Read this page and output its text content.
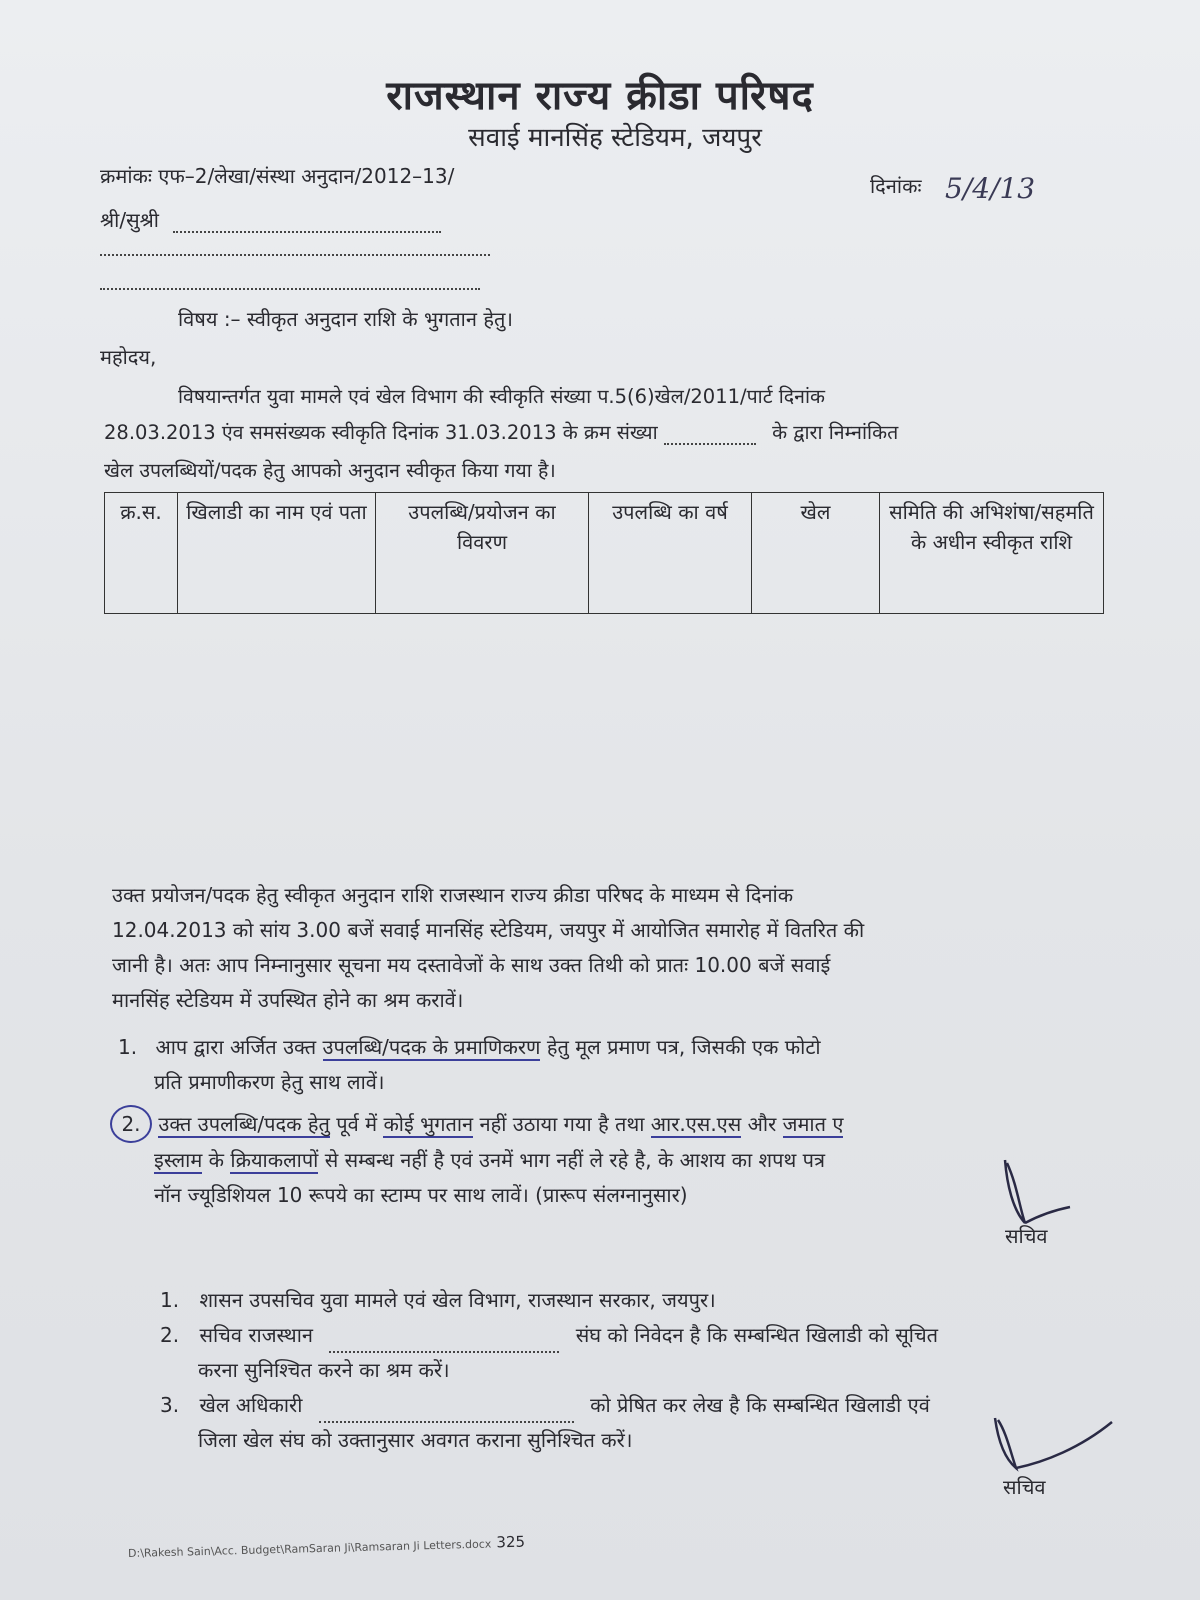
राजस्थान राज्य क्रीडा परिषद
सवाई मानसिंह स्टेडियम, जयपुर
क्रमांकः एफ–2/लेखा/संस्था अनुदान/2012–13/	दिनांकः 5/4/13
श्री/सुश्री
विषय :– स्वीकृत अनुदान राशि के भुगतान हेतु।
महोदय,
विषयान्तर्गत युवा मामले एवं खेल विभाग की स्वीकृति संख्या प.5(6)खेल/2011/पार्ट दिनांक
28.03.2013 एंव समसंख्यक स्वीकृति दिनांक 31.03.2013 के क्रम संख्या	के द्वारा निम्नांकित
खेल उपलब्धियों/पदक हेतु आपको अनुदान स्वीकृत किया गया है।
क्र.स.	खिलाडी का नाम एवं पता	उपलब्धि/प्रयोजन का विवरण	उपलब्धि का वर्ष	खेल	समिति की अभिशंषा/सहमति के अधीन स्वीकृत राशि
उक्त प्रयोजन/पदक हेतु स्वीकृत अनुदान राशि राजस्थान राज्य क्रीडा परिषद के माध्यम से दिनांक
12.04.2013 को सांय 3.00 बजें सवाई मानसिंह स्टेडियम, जयपुर में आयोजित समारोह में वितरित की
जानी है। अतः आप निम्नानुसार सूचना मय दस्तावेजों के साथ उक्त तिथी को प्रातः 10.00 बजें सवाई
मानसिंह स्टेडियम में उपस्थित होने का श्रम करावें।
1. आप द्वारा अर्जित उक्त उपलब्धि/पदक के प्रमाणिकरण हेतु मूल प्रमाण पत्र, जिसकी एक फोटो
प्रति प्रमाणीकरण हेतु साथ लावें।
2. उक्त उपलब्धि/पदक हेतु पूर्व में कोई भुगतान नहीं उठाया गया है तथा आर.एस.एस और जमात ए
इस्लाम के क्रियाकलापों से सम्बन्ध नहीं है एवं उनमें भाग नहीं ले रहे है, के आशय का शपथ पत्र
नॉन ज्यूडिशियल 10 रूपये का स्टाम्प पर साथ लावें। (प्रारूप संलग्नानुसार)
सचिव
1. शासन उपसचिव युवा मामले एवं खेल विभाग, राजस्थान सरकार, जयपुर।
2. सचिव राजस्थान	संघ को निवेदन है कि सम्बन्धित खिलाडी को सूचित
करना सुनिश्चित करने का श्रम करें।
3. खेल अधिकारी	को प्रेषित कर लेख है कि सम्बन्धित खिलाडी एवं
जिला खेल संघ को उक्तानुसार अवगत कराना सुनिश्चित करें।
सचिव
D:\Rakesh Sain\Acc. Budget\RamSaran Ji\Ramsaran Ji Letters.docx 325
